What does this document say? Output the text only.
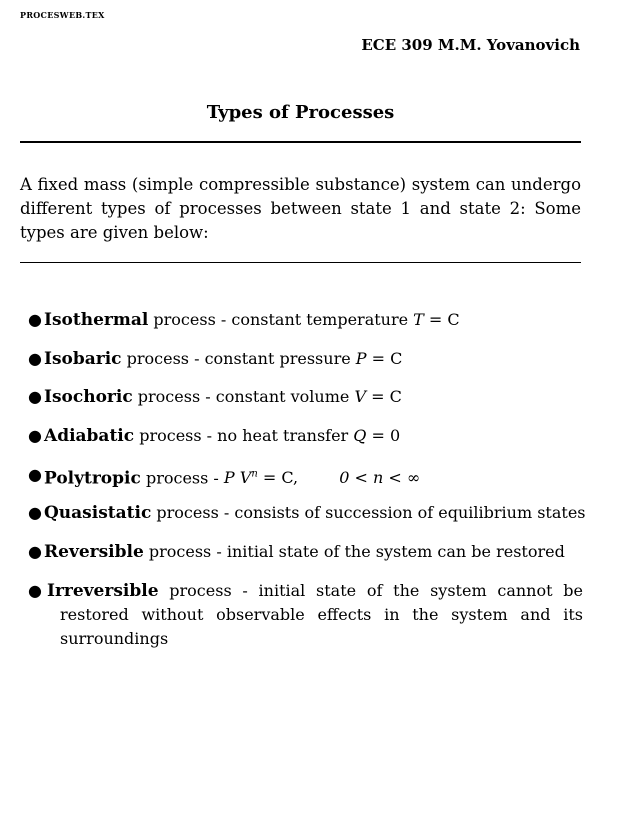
PROCESWEB.TEX
ECE 309 M.M. Yovanovich
Types of Processes
A fixed mass (simple compressible substance) system can undergo different types of processes between state 1 and state 2: Some types are given below:
● Isothermal process - constant temperature T = C
● Isobaric process - constant pressure P = C
● Isochoric process - constant volume V = C
● Adiabatic process - no heat transfer Q = 0
● Polytropic process - P $V^n = C$,	0 < n < ∞
● Quasistatic process - consists of succession of equilibrium states
● Reversible process - initial state of the system can be restored
● Irreversible process - initial state of the system cannot be restored without observable effects in the system and its surroundings
